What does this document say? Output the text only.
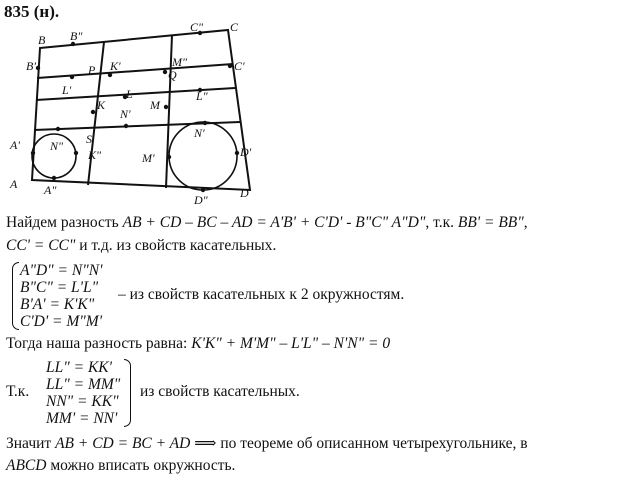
835 (н).
B B"
C" C
B'	P K'	M"
Q
C'
L'	L	L"
K	M
N'
A'	S
K"
N"
N'
M'	D'
A A"
D"	D
Найдем разность AB + CD – BC – AD = A'B' + C'D' - B"C" A"D", т.к. BB' = BB",
CC' = CC" и т.д. из свойств касательных.
A"D" = N"N'
B"C" = L'L"
B'A' = K'K"
C'D' = M"M'
– из свойств касательных к 2 окружностям.
Тогда наша разность равна: K'K" + M'M" – L'L" – N'N" = 0
Т.к.
LL" = KK'
LL" = MM"
NN" = KK"
MM' = NN'
из свойств касательных.
Значит AB + CD = BC + AD ⟹ по теореме об описанном четырехугольнике, в
ABCD можно вписать окружность.
